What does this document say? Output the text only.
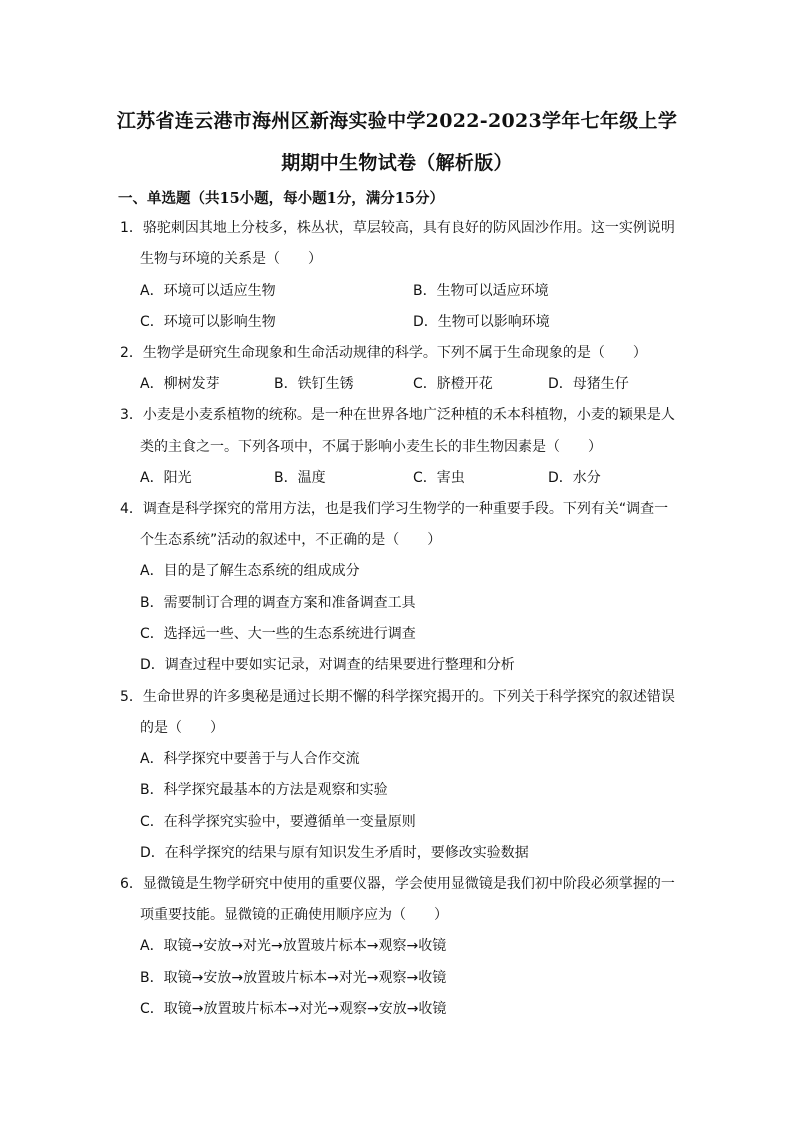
江苏省连云港市海州区新海实验中学2022-2023学年七年级上学
期期中生物试卷（解析版）
一、单选题（共15小题，每小题1分，满分15分）
1．骆驼刺因其地上分枝多，株丛状，草层较高，具有良好的防风固沙作用。这一实例说明
生物与环境的关系是（　　）
A．环境可以适应生物	B．生物可以适应环境
C．环境可以影响生物	D．生物可以影响环境
2．生物学是研究生命现象和生命活动规律的科学。下列不属于生命现象的是（　　）
A．柳树发芽	B．铁钉生锈	C．脐橙开花	D．母猪生仔
3．小麦是小麦系植物的统称。是一种在世界各地广泛种植的禾本科植物，小麦的颖果是人
类的主食之一。下列各项中，不属于影响小麦生长的非生物因素是（　　）
A．阳光	B．温度	C．害虫	D．水分
4．调查是科学探究的常用方法，也是我们学习生物学的一种重要手段。下列有关“调查一
个生态系统”活动的叙述中，不正确的是（　　）
A．目的是了解生态系统的组成成分
B．需要制订合理的调查方案和准备调查工具
C．选择远一些、大一些的生态系统进行调查
D．调查过程中要如实记录，对调查的结果要进行整理和分析
5．生命世界的许多奥秘是通过长期不懈的科学探究揭开的。下列关于科学探究的叙述错误
的是（　　）
A．科学探究中要善于与人合作交流
B．科学探究最基本的方法是观察和实验
C．在科学探究实验中，要遵循单一变量原则
D．在科学探究的结果与原有知识发生矛盾时，要修改实验数据
6．显微镜是生物学研究中使用的重要仪器，学会使用显微镜是我们初中阶段必须掌握的一
项重要技能。显微镜的正确使用顺序应为（　　）
A．取镜→安放→对光→放置玻片标本→观察→收镜
B．取镜→安放→放置玻片标本→对光→观察→收镜
C．取镜→放置玻片标本→对光→观察→安放→收镜
